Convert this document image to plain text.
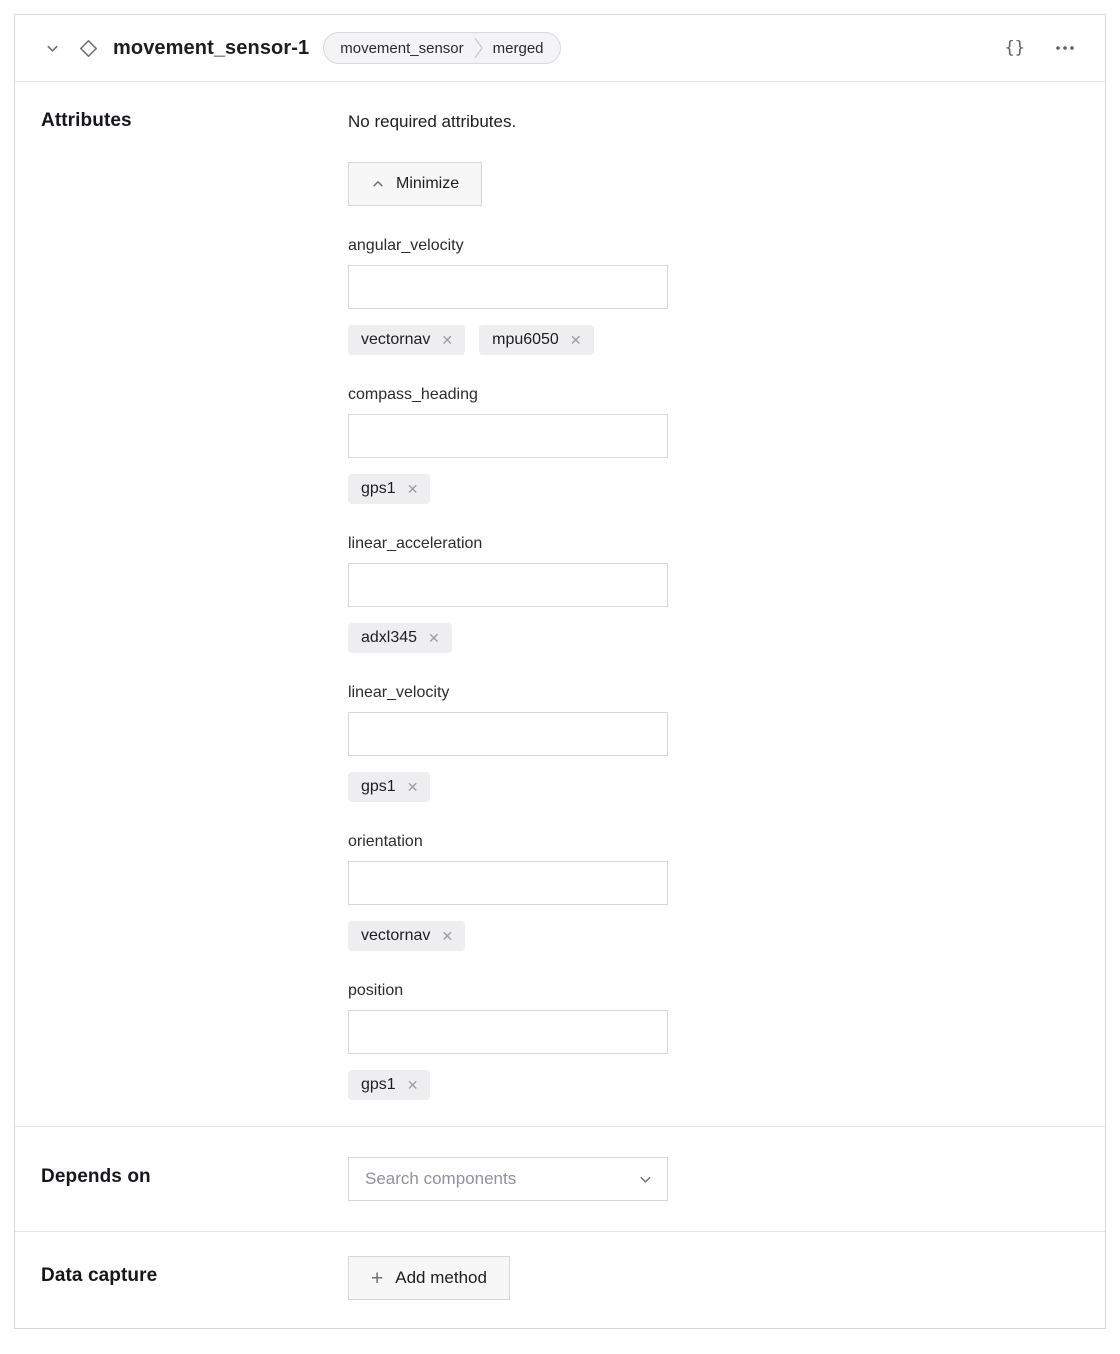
movement_sensor-1 movement_sensor merged	{}
Attributes	No required attributes.
Minimize
angular_velocity
vectornav ✕ mpu6050 ✕
compass_heading
gps1 ✕
linear_acceleration
adxl345 ✕
linear_velocity
gps1 ✕
orientation
vectornav ✕
position
gps1 ✕
Depends on	Search components
Data capture	+ Add method
